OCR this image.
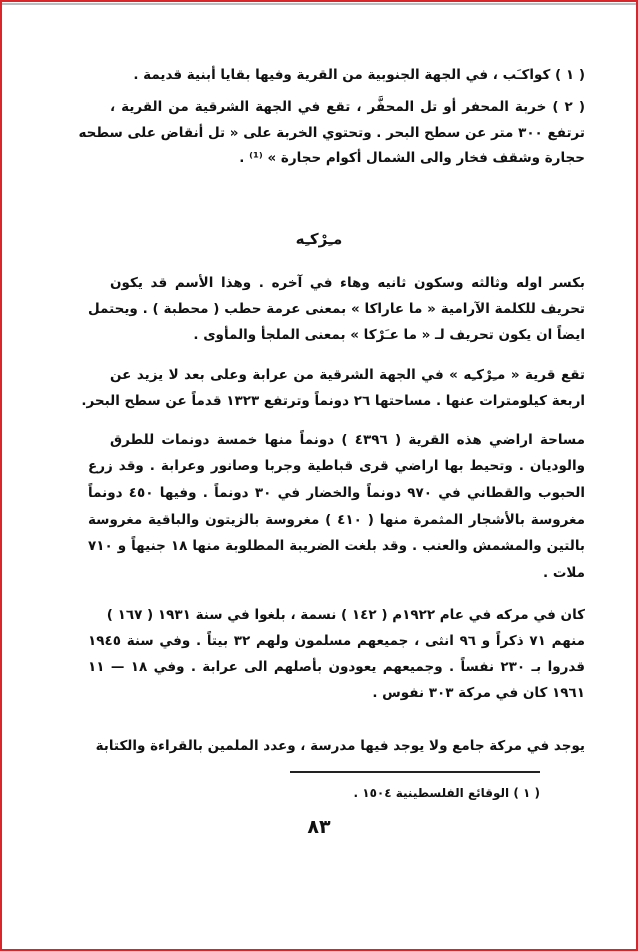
( ١ ) كواكـَب ، في الجهة الجنوبية من القرية وفيها بقايا أبنية قديمة .
( ٢ ) خربة المحفر أو تل المحفَّر ، تقع في الجهة الشرقية من القرية ،
ترتفع ٣٠٠ متر عن سطح البحر . وتحتوي الخربة على « تل أنقاض على سطحه
حجارة وشقف فخار والى الشمال أكوام حجارة » ⁽¹⁾ .
مـِرْكـِه
بكسر اوله وثالثه وسكون ثانيه وهاء في آخره . وهذا الأسم قد يكون
تحريف للكلمة الآرامية « ما عاراكا » بمعنى عرمة حطب ( محطبة ) . ويحتمل
ايضاً ان يكون تحريف لـ « ما عـَرْكا » بمعنى الملجأ والمأوى .
تقع قرية « مـِرْكـِه » في الجهة الشرقية من عرابة وعلى بعد لا يزيد عن
اربعة كيلومترات عنها . مساحتها ٢٦ دونماً وترتفع ١٣٢٣ قدماً عن سطح البحر.
مساحة اراضي هذه القرية ( ٤٣٩٦ ) دونماً منها خمسة دونمات للطرق
والوديان . وتحيط بها اراضي قرى قباطية وجربا وصانور وعرابة . وقد زرع
الحبوب والقطاني في ٩٧٠ دونماً والخضار في ٣٠ دونماً . وفيها ٤٥٠ دونماً
مغروسة بالأشجار المثمرة منها ( ٤١٠ ) مغروسة بالزيتون والباقية مغروسة
بالتين والمشمش والعنب . وقد بلغت الضريبة المطلوبة منها ١٨ جنيهاً و ٧١٠
ملات .
كان في مركه في عام ١٩٢٢م ( ١٤٢ ) نسمة ، بلغوا في سنة ١٩٣١ ( ١٦٧ )
منهم ٧١ ذكراً و ٩٦ انثى ، جميعهم مسلمون ولهم ٣٢ بيتاً . وفي سنة ١٩٤٥
قدروا بـ ٢٣٠ نفساً . وجميعهم يعودون بأصلهم الى عرابة . وفي ١٨ — ١١
١٩٦١ كان في مركة ٣٠٣ نفوس .
يوجد في مركة جامع ولا يوجد فيها مدرسة ، وعدد الملمين بالقراءة والكتابة
( ١ ) الوقائع الفلسطينية ١٥٠٤ .
٨٣
